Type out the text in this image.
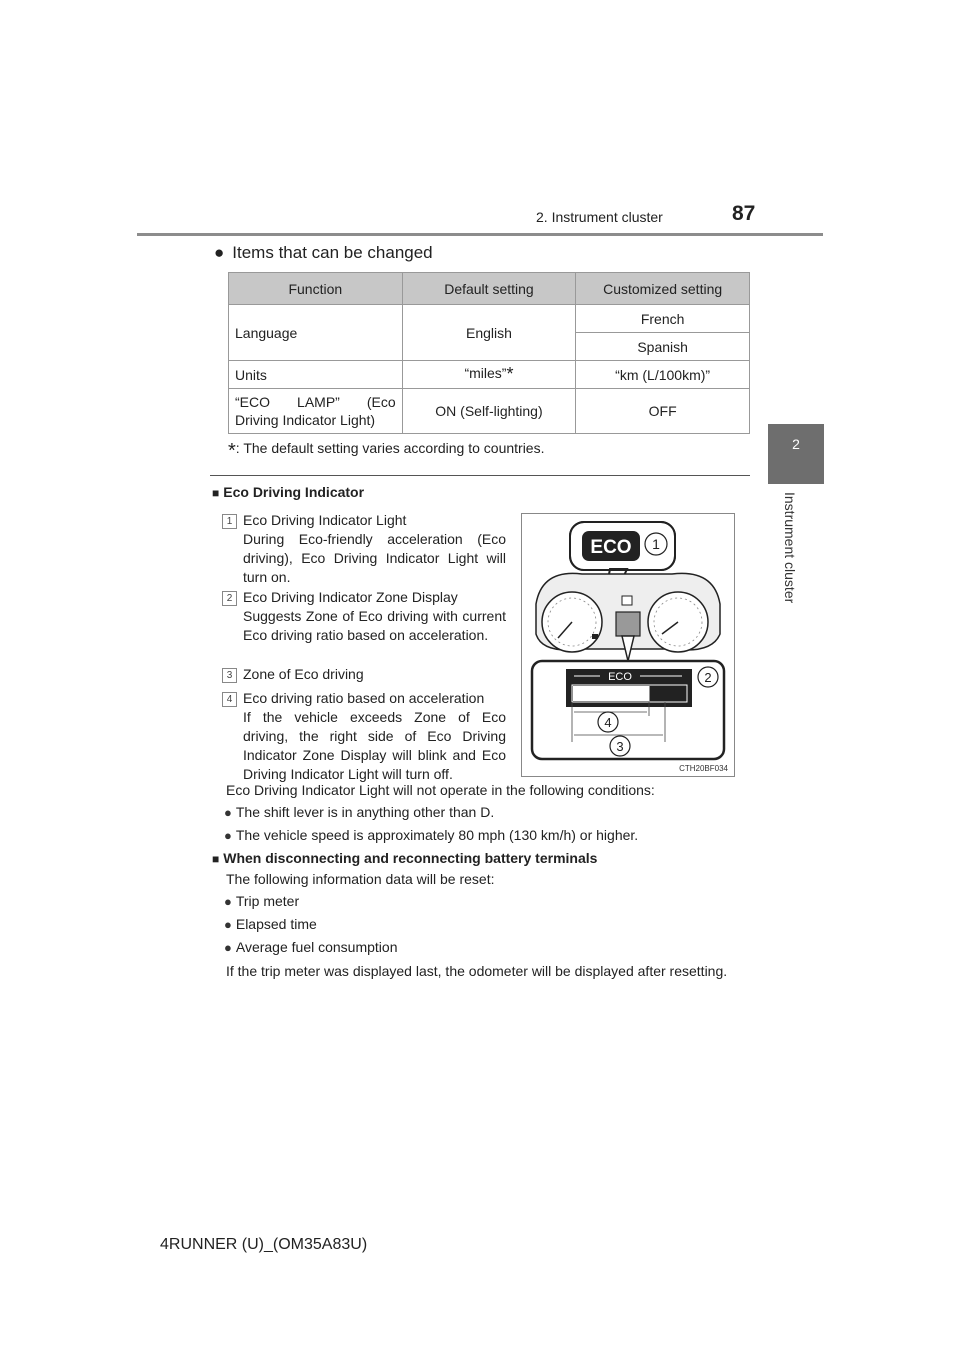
2. Instrument cluster	87
2
Instrument cluster
● Items that can be changed
Function	Default setting	Customized setting
Language	English	French
		Spanish
Units	“miles”*	“km (L/100km)”

“ECO LAMP” (Eco
Driving Indicator Light)	ON (Self-lighting)	OFF
*: The default setting varies according to countries.
■ Eco Driving Indicator
1 Eco Driving Indicator Light
During Eco-friendly acceleration (Eco driving), Eco Driving Indicator Light will turn on.
2 Eco Driving Indicator Zone Display
Suggests Zone of Eco driving with current Eco driving ratio based on acceleration.
3 Zone of Eco driving
4 Eco driving ratio based on acceleration
If the vehicle exceeds Zone of Eco driving, the right side of Eco Driving Indicator Zone Display will blink and Eco Driving Indicator Light will turn off.
ECO 1
ECO	2
4
3
CTH20BF034
Eco Driving Indicator Light will not operate in the following conditions:
● The shift lever is in anything other than D.
● The vehicle speed is approximately 80 mph (130 km/h) or higher.
■ When disconnecting and reconnecting battery terminals
The following information data will be reset:
● Trip meter
● Elapsed time
● Average fuel consumption
If the trip meter was displayed last, the odometer will be displayed after resetting.
4RUNNER (U)_(OM35A83U)
